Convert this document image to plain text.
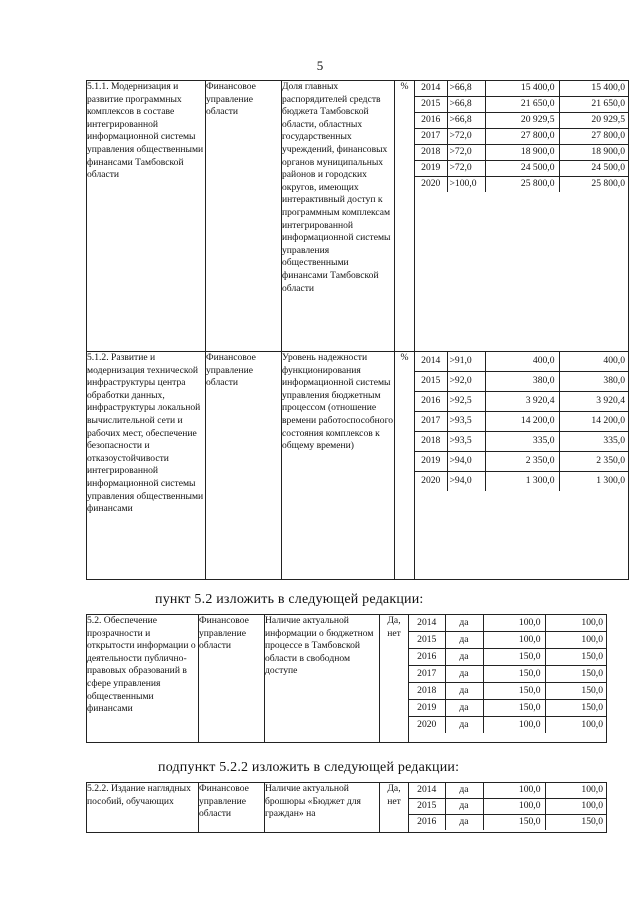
5
5.1.1. Модернизация и развитие программных комплексов в составе интегрированной информационной системы управления общественными финансами Тамбовской области	Финансовое управление области	Доля главных распорядителей средств бюджета Тамбовской области, областных государственных учреждений, финансовых органов муниципальных районов и городских округов, имеющих интерактивный доступ к программным комплексам интегрированной информационной системы управления общественными финансами Тамбовской области	%	2014	>66,8	15 400,0	15 400,0
2015	>66,8	21 650,0	21 650,0
2016	>66,8	20 929,5	20 929,5
2017	>72,0	27 800,0	27 800,0
2018	>72,0	18 900,0	18 900,0
2019	>72,0	24 500,0	24 500,0
2020	>100,0	25 800,0	25 800,0

5.1.2. Развитие и модернизация технической инфраструктуры центра обработки данных, инфраструктуры локальной вычислительной сети и рабочих мест, обеспечение безопасности и отказоустойчивости интегрированной информационной системы управления общественными финансами	Финансовое управление области	Уровень надежности функционирования информационной системы управления бюджетным процессом (отношение времени работоспособного состояния комплексов к общему времени)	%	2014	>91,0	400,0	400,0
2015	>92,0	380,0	380,0
2016	>92,5	3 920,4	3 920,4
2017	>93,5	14 200,0	14 200,0
2018	>93,5	335,0	335,0
2019	>94,0	2 350,0	2 350,0
2020	>94,0	1 300,0	1 300,0
пункт 5.2 изложить в следующей редакции:
5.2. Обеспечение прозрачности и открытости информации о деятельности публично-правовых образований в сфере управления общественными финансами	Финансовое управление области	Наличие актуальной информации о бюджетном процессе в Тамбовской области в свободном доступе	Да, нет	
2014	да	100,0	100,0
2015	да	100,0	100,0
2016	да	150,0	150,0
2017	да	150,0	150,0
2018	да	150,0	150,0
2019	да	150,0	150,0
2020	да	100,0	100,0
подпункт 5.2.2 изложить в следующей редакции:
5.2.2. Издание наглядных пособий, обучающих	Финансовое управление области	Наличие актуальной брошюры «Бюджет для граждан» на	Да, нет	
2014	да	100,0	100,0
2015	да	100,0	100,0
2016	да	150,0	150,0
